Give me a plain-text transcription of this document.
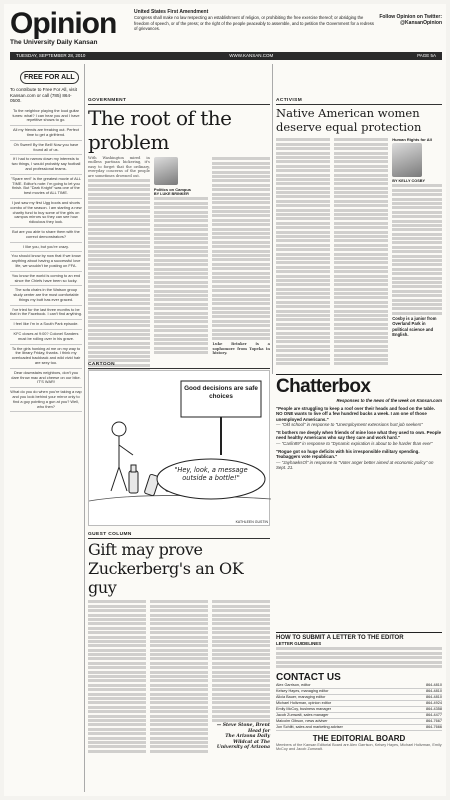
Opinion
The University Daily Kansan
United States First Amendment
Congress shall make no law respecting an establishment of religion, or prohibiting the free exercise thereof; or abridging the freedom of speech, or of the press; or the right of the people peaceably to assemble, and to petition the Government for a redress of grievances.
Follow Opinion on Twitter:
@KansanOpinion
TUESDAY, SEPTEMBER 28, 2010	WWW.KANSAN.COM	PAGE 5A
FREE FOR ALL
To contribute to Free For All, visit Kansan.com or call (785) 864-0500.
To the neighbor playing the loud guitar tunes: what? I can hear you and I have repetitive shows to go.
All my friends are freaking out. Perfect time to get a girlfriend.
Oh Sweet! By the Bell! Now you have found all of us.
If I had to narrow down my interests to two things, I would probably say football and professional teams.
"Spare rent" is the greatest movie of ALL TIME. Editor's note: I'm going to let you finish. But "Dark Knight" was one of the best movies of ALL TIME.
I just saw my first Ugg boots and shorts combo of the season. I am starting a new charity fund to buy some of the girls on campus mirrors so they can see how ridiculous they look.
But are you able to share them with the correct demonstrators?
I like you, but you're crazy.
You should know by now that if we know anything about having a successful love life, we wouldn't be posting on FFA.
You know the world is coming to an end since the Chiefs have been so lucky.
The sofa chairs in the Watson group study center are the most comfortable things my butt has ever graced.
I've tried for the last three months to be that in the Facebook. I can't find anything.
I feel like I'm in a South Park episode.
KFC closes at 9:00? Colonel Sanders must be rolling over in his grave.
To the girls honking at me on my way to the library Friday, thanks. I think my overloaded backback and wild vivid hair are sexy too.
Dear downstairs neighbors, don't you dare throw mac and cheese on our bike. IT'S WAR!
What do you do when you're taking a nap and you look behind your mirror only to find a guy pointing a gun at you? Well, who then?
GOVERNMENT
The root of the problem
With Washington mired in endless partisan bickering, it's easy to forget that the ordinary, everyday concerns of the people are sometimes drowned out.
Politics on Campus
BY LUKE BRINKER
Luke Brinker is a sophomore from Topeka in history.
CARTOON
Good decisions are safe choices
"Hey, look, a message outside a bottle!"
KATHLEEN GUSTIN
GUEST COLUMN
Gift may prove Zuckerberg's an OK guy
— Steve Stone, Brent Head for
The Arizona Daily Wildcat at The University of Arizona
ACTIVISM
Native American women deserve equal protection
Human Rights for All
BY KELLY COSBY
Cosby is a junior from Overland Park in political science and English.
Chatterbox
Responses to the news of the week on Kansan.com
"People are struggling to keep a roof over their heads and food on the table. NO ONE wants to live off a few hundred bucks a week. I am one of those unemployed Americans."
— "Old school" in response to "Unemployment extensions hurt job seekers"
"It bothers me deeply when friends of mine lose what they used to own. People need healthy Americans who say they care and work hard."
— "Carlin89" in response to "Dynamic expiration is about to be harder than ever"
"Rogue got so huge deficits with his irresponsible military spending. Teabaggers vote republican."
— "JayhawksOl" in response to "Voter anger better aimed at economic policy" on Sept. 21.
HOW TO SUBMIT A LETTER TO THE EDITOR
LETTER GUIDELINES
CONTACT US
Alex Garrison, editor	864-4810
Kelsey Hayes, managing editor	864-4810
Alicia Bauer, managing editor	864-4810
Michael Holtzman, opinion editor	864-4924
Emily McCoy, business manager	864-4358
Jacob Zumwalt, sales manager	864-4477
Malcolm Gibson, news adviser	864-7667
Jon Schlitt, sales and marketing adviser	864-7666
THE EDITORIAL BOARD
Members of the Kansan Editorial Board are Alex Garrison, Kelsey Hayes, Michael Holtzman, Emily McCoy and Jacob Zumwalt.
